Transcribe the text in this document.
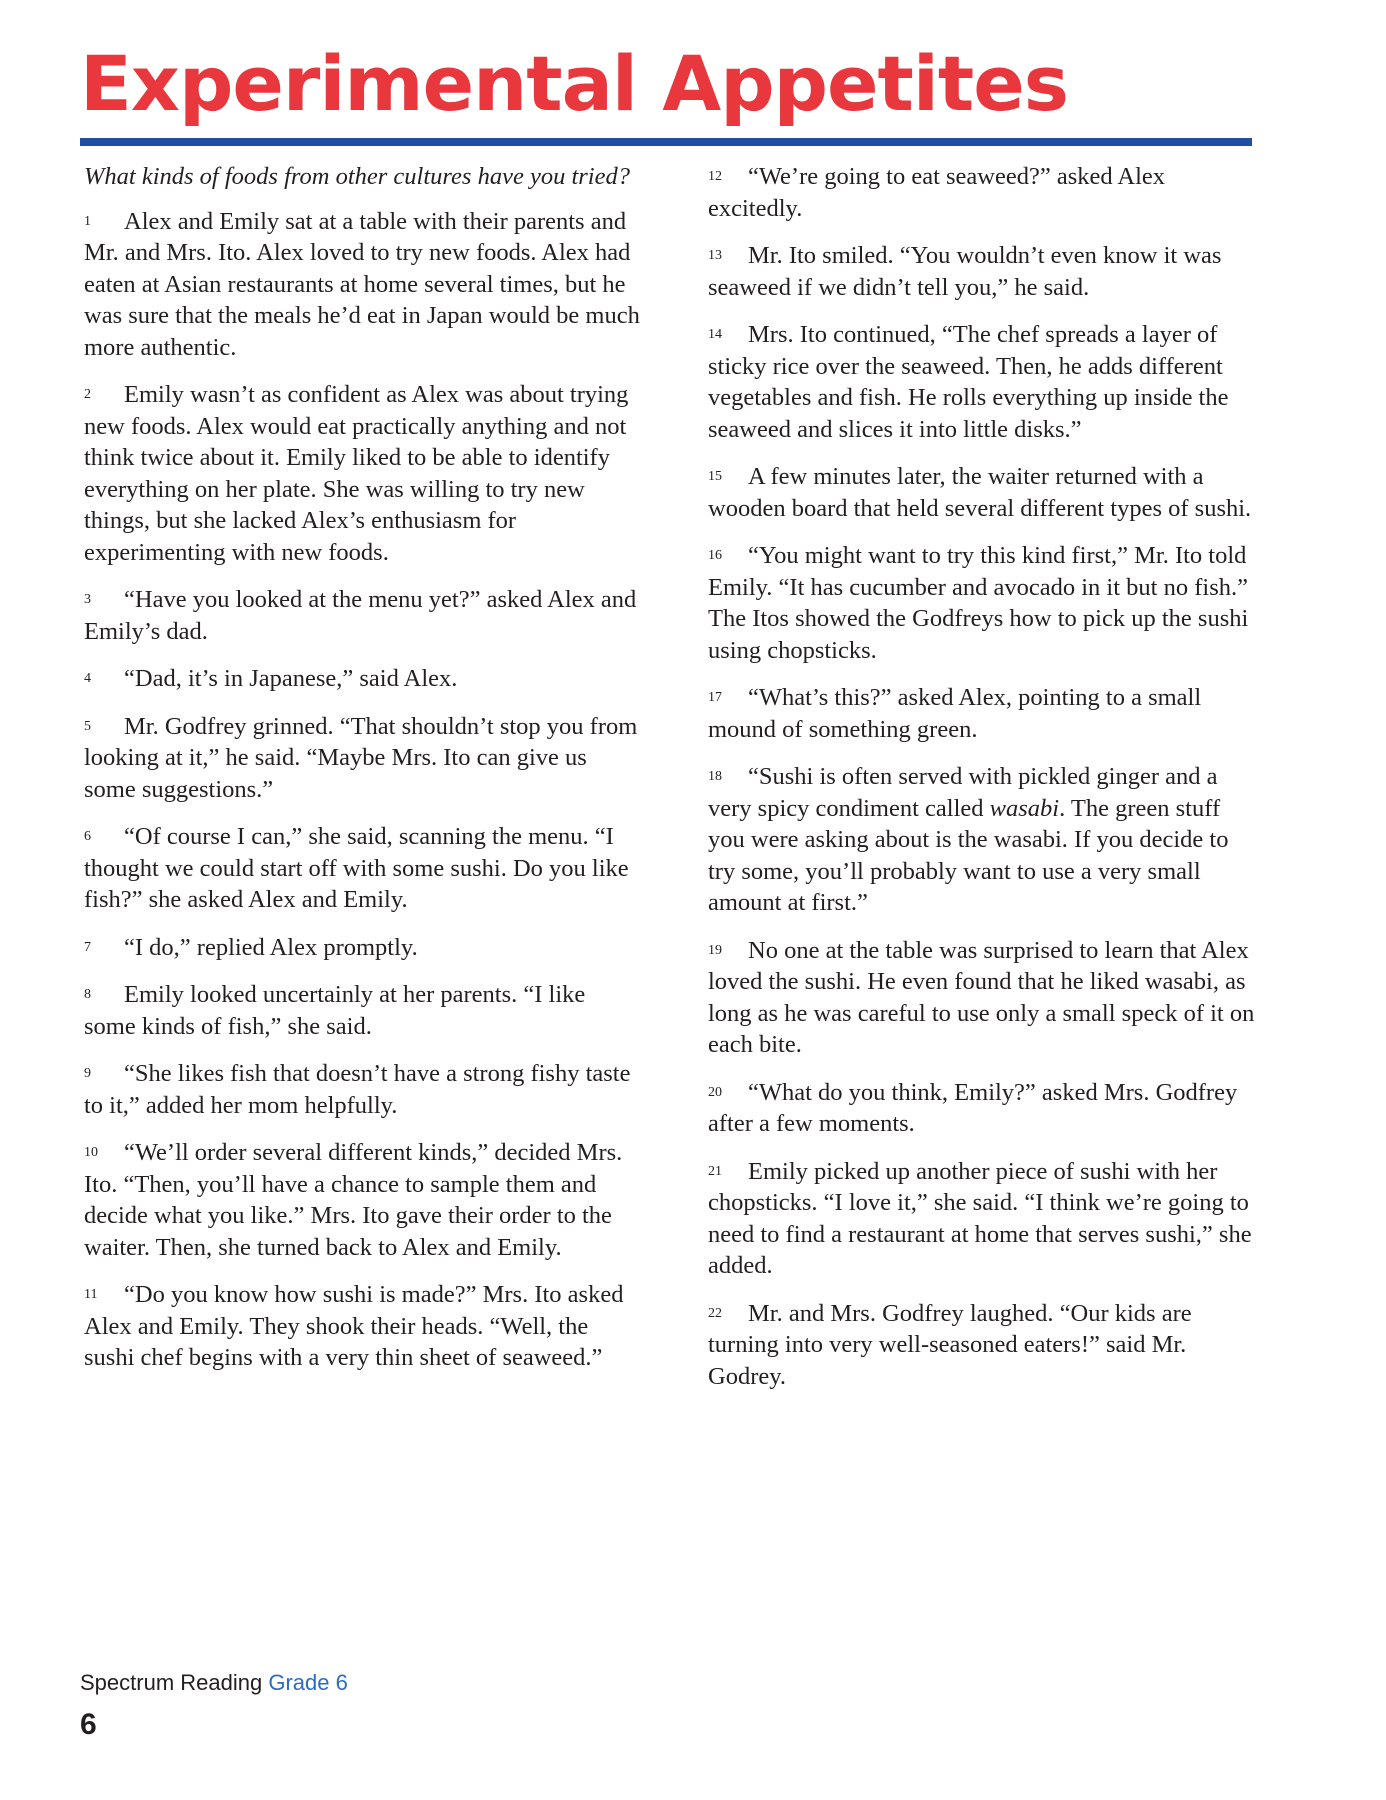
Experimental Appetites

What kinds of foods from other cultures have you tried?

1 Alex and Emily sat at a table with their parents and Mr. and Mrs. Ito. Alex loved to try new foods. Alex had eaten at Asian restaurants at home several times, but he was sure that the meals he’d eat in Japan would be much more authentic.

2 Emily wasn’t as confident as Alex was about trying new foods. Alex would eat practically anything and not think twice about it. Emily liked to be able to identify everything on her plate. She was willing to try new things, but she lacked Alex’s enthusiasm for experimenting with new foods.

3 “Have you looked at the menu yet?” asked Alex and Emily’s dad.

4 “Dad, it’s in Japanese,” said Alex.

5 Mr. Godfrey grinned. “That shouldn’t stop you from looking at it,” he said. “Maybe Mrs. Ito can give us some suggestions.”

6 “Of course I can,” she said, scanning the menu. “I thought we could start off with some sushi. Do you like fish?” she asked Alex and Emily.

7 “I do,” replied Alex promptly.

8 Emily looked uncertainly at her parents. “I like some kinds of fish,” she said.

9 “She likes fish that doesn’t have a strong fishy taste to it,” added her mom helpfully.

10 “We’ll order several different kinds,” decided Mrs. Ito. “Then, you’ll have a chance to sample them and decide what you like.” Mrs. Ito gave their order to the waiter. Then, she turned back to Alex and Emily.

11 “Do you know how sushi is made?” Mrs. Ito asked Alex and Emily. They shook their heads. “Well, the sushi chef begins with a very thin sheet of seaweed.”

12 “We’re going to eat seaweed?” asked Alex excitedly.

13 Mr. Ito smiled. “You wouldn’t even know it was seaweed if we didn’t tell you,” he said.

14 Mrs. Ito continued, “The chef spreads a layer of sticky rice over the seaweed. Then, he adds different vegetables and fish. He rolls everything up inside the seaweed and slices it into little disks.”

15 A few minutes later, the waiter returned with a wooden board that held several different types of sushi.

16 “You might want to try this kind first,” Mr. Ito told Emily. “It has cucumber and avocado in it but no fish.” The Itos showed the Godfreys how to pick up the sushi using chopsticks.

17 “What’s this?” asked Alex, pointing to a small mound of something green.

18 “Sushi is often served with pickled ginger and a very spicy condiment called wasabi. The green stuff you were asking about is the wasabi. If you decide to try some, you’ll probably want to use a very small amount at first.”

19 No one at the table was surprised to learn that Alex loved the sushi. He even found that he liked wasabi, as long as he was careful to use only a small speck of it on each bite.

20 “What do you think, Emily?” asked Mrs. Godfrey after a few moments.

21 Emily picked up another piece of sushi with her chopsticks. “I love it,” she said. “I think we’re going to need to find a restaurant at home that serves sushi,” she added.

22 Mr. and Mrs. Godfrey laughed. “Our kids are turning into very well-seasoned eaters!” said Mr. Godrey.

Spectrum Reading Grade 6
6
